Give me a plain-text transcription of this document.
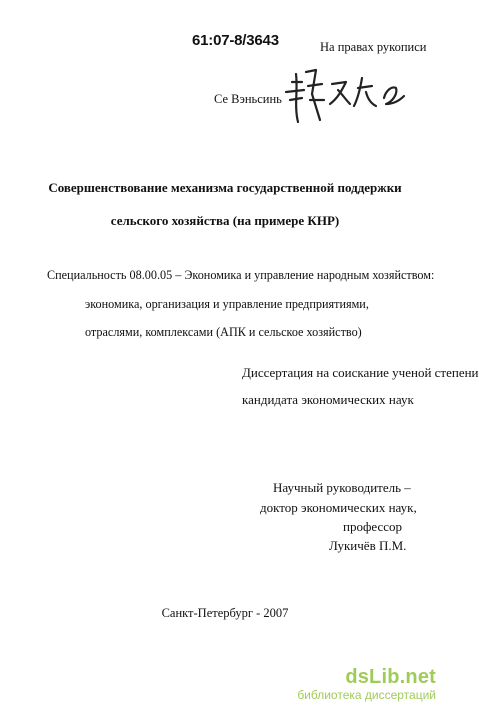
61:07-8/3643	На правах рукописи
Се Вэньсинь
Совершенствование механизма государственной поддержки
сельского хозяйства (на примере КНР)
Специальность 08.00.05 – Экономика и управление народным хозяйством:
экономика, организация и управление предприятиями,
отраслями, комплексами (АПК и сельское хозяйство)
Диссертация на соискание ученой степени
кандидата экономических наук
Научный руководитель –
доктор экономических наук,
профессор
Лукичёв П.М.
Санкт-Петербург - 2007
dsLib.net
библиотека диссертаций
